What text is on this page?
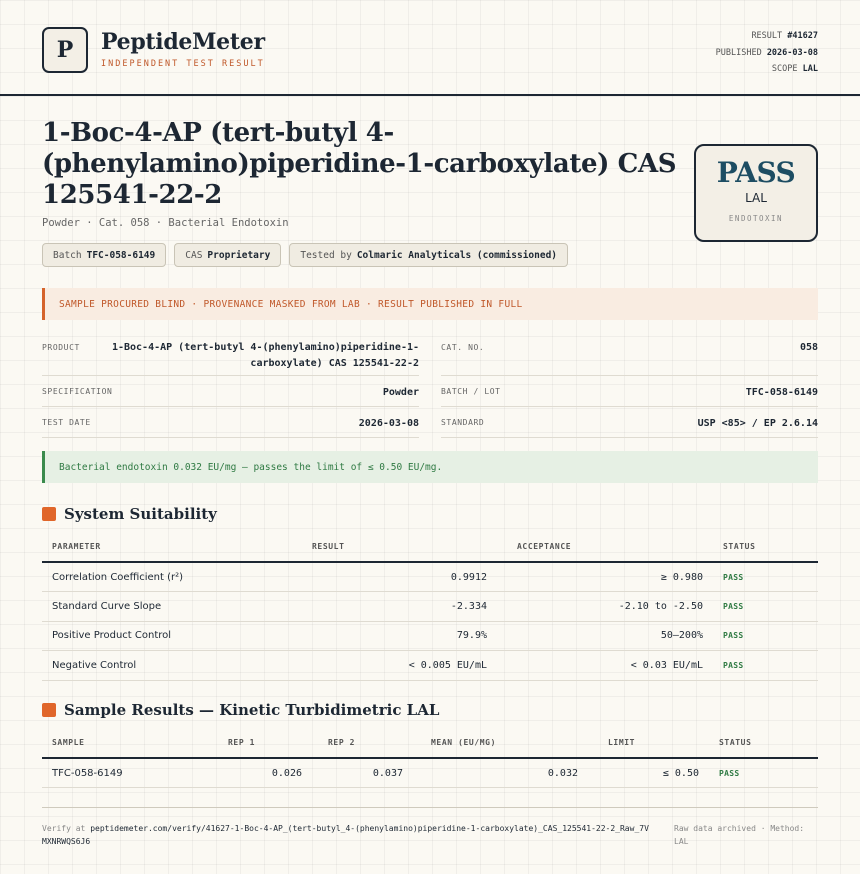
P	PeptideMeter
INDEPENDENT TEST RESULT
RESULT #41627
PUBLISHED 2026-03-08
SCOPE LAL
1-Boc-4-AP (tert-butyl 4-(phenylamino)piperidine-1-carboxylate) CAS 125541-22-2
Powder · Cat. 058 · Bacterial Endotoxin
PASS
LAL
ENDOTOXIN
Batch TFC-058-6149	CAS Proprietary	Tested by Colmaric Analyticals (commissioned)
SAMPLE PROCURED BLIND · PROVENANCE MASKED FROM LAB · RESULT PUBLISHED IN FULL
PRODUCT	1-Boc-4-AP (tert-butyl 4-(phenylamino)piperidine-1-carboxylate) CAS 125541-22-2
CAT. NO.	058
SPECIFICATION	Powder	BATCH / LOT	TFC-058-6149
TEST DATE	2026-03-08	STANDARD	USP <85> / EP 2.6.14
Bacterial endotoxin 0.032 EU/mg — passes the limit of ≤ 0.50 EU/mg.
System Suitability
PARAMETER	RESULT	ACCEPTANCE	STATUS
Correlation Coefficient (r²)	0.9912	≥ 0.980	PASS
Standard Curve Slope	-2.334	-2.10 to -2.50	PASS
Positive Product Control	79.9%	50–200%	PASS
Negative Control	< 0.005 EU/mL	< 0.03 EU/mL	PASS
Sample Results — Kinetic Turbidimetric LAL
SAMPLE	REP 1	REP 2	MEAN (EU/MG)	LIMIT	STATUS
TFC-058-6149	0.026	0.037	0.032	≤ 0.50	PASS
Verify at peptidemeter.com/verify/41627-1-Boc-4-AP_(tert-butyl_4-(phenylamino)piperidine-1-carboxylate)_CAS_125541-22-2_Raw_7VMXNRWQS6J6
Raw data archived · Method: LAL
